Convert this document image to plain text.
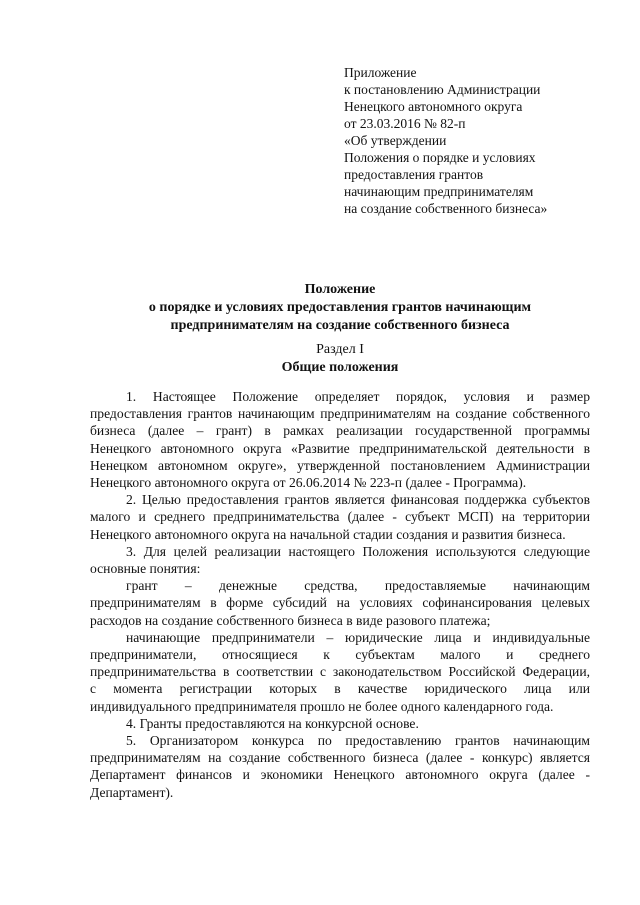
Приложение
к постановлению Администрации
Ненецкого автономного округа
от 23.03.2016 № 82-п
«Об утверждении
Положения о порядке и условиях
предоставления грантов
начинающим предпринимателям
на создание собственного бизнеса»
Положение
о порядке и условиях предоставления грантов начинающим
предпринимателям на создание собственного бизнеса
Раздел I
Общие положения
1. Настоящее Положение определяет порядок, условия и размер
предоставления грантов начинающим предпринимателям на создание собственного
бизнеса (далее – грант) в рамках реализации государственной программы
Ненецкого автономного округа «Развитие предпринимательской деятельности в
Ненецком автономном округе», утвержденной постановлением Администрации
Ненецкого автономного округа от 26.06.2014 № 223-п (далее - Программа).
2. Целью предоставления грантов является финансовая поддержка субъектов
малого и среднего предпринимательства (далее - субъект МСП) на территории
Ненецкого автономного округа на начальной стадии создания и развития бизнеса.
3. Для целей реализации настоящего Положения используются следующие
основные понятия:
грант – денежные средства, предоставляемые начинающим
предпринимателям в форме субсидий на условиях софинансирования целевых
расходов на создание собственного бизнеса в виде разового платежа;
начинающие предприниматели – юридические лица и индивидуальные
предприниматели, относящиеся к субъектам малого и среднего
предпринимательства в соответствии с законодательством Российской Федерации,
с момента регистрации которых в качестве юридического лица или
индивидуального предпринимателя прошло не более одного календарного года.
4. Гранты предоставляются на конкурсной основе.
5. Организатором конкурса по предоставлению грантов начинающим
предпринимателям на создание собственного бизнеса (далее - конкурс) является
Департамент финансов и экономики Ненецкого автономного округа (далее -
Департамент).
